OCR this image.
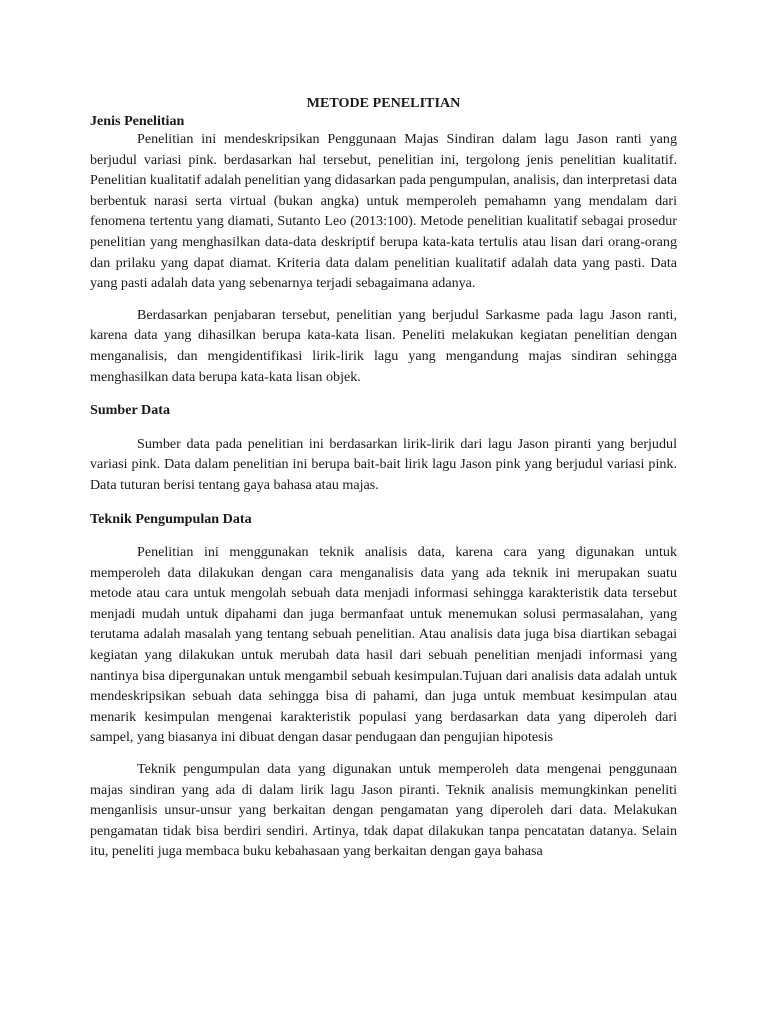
METODE PENELITIAN

Jenis Penelitian

Penelitian ini mendeskripsikan Penggunaan Majas Sindiran dalam lagu Jason ranti yang berjudul variasi pink. berdasarkan hal tersebut, penelitian ini, tergolong jenis penelitian kualitatif. Penelitian kualitatif adalah penelitian yang didasarkan pada pengumpulan, analisis, dan interpretasi data berbentuk narasi serta virtual (bukan angka) untuk memperoleh pemahamn yang mendalam dari fenomena tertentu yang diamati, Sutanto Leo (2013:100). Metode penelitian kualitatif sebagai prosedur penelitian yang menghasilkan data-data deskriptif berupa kata-kata tertulis atau lisan dari orang-orang dan prilaku yang dapat diamat. Kriteria data dalam penelitian kualitatif adalah data yang pasti. Data yang pasti adalah data yang sebenarnya terjadi sebagaimana adanya.

Berdasarkan penjabaran tersebut, penelitian yang berjudul Sarkasme pada lagu Jason ranti, karena data yang dihasilkan berupa kata-kata lisan. Peneliti melakukan kegiatan penelitian dengan menganalisis, dan mengidentifikasi lirik-lirik lagu yang mengandung majas sindiran sehingga menghasilkan data berupa kata-kata lisan objek.

Sumber Data

Sumber data pada penelitian ini berdasarkan lirik-lirik dari lagu Jason piranti yang berjudul variasi pink. Data dalam penelitian ini berupa bait-bait lirik lagu Jason pink yang berjudul variasi pink. Data tuturan berisi tentang gaya bahasa atau majas.

Teknik Pengumpulan Data

Penelitian ini menggunakan teknik analisis data, karena cara yang digunakan untuk memperoleh data dilakukan dengan cara menganalisis data yang ada teknik ini merupakan suatu metode atau cara untuk mengolah sebuah data menjadi informasi sehingga karakteristik data tersebut menjadi mudah untuk dipahami dan juga bermanfaat untuk menemukan solusi permasalahan, yang terutama adalah masalah yang tentang sebuah penelitian. Atau analisis data juga bisa diartikan sebagai kegiatan yang dilakukan untuk merubah data hasil dari sebuah penelitian menjadi informasi yang nantinya bisa dipergunakan untuk mengambil sebuah kesimpulan.Tujuan dari analisis data adalah untuk mendeskripsikan sebuah data sehingga bisa di pahami, dan juga untuk membuat kesimpulan atau menarik kesimpulan mengenai karakteristik populasi yang berdasarkan data yang diperoleh dari sampel, yang biasanya ini dibuat dengan dasar pendugaan dan pengujian hipotesis

Teknik pengumpulan data yang digunakan untuk memperoleh data mengenai penggunaan majas sindiran yang ada di dalam lirik lagu Jason piranti. Teknik analisis memungkinkan peneliti menganlisis unsur-unsur yang berkaitan dengan pengamatan yang diperoleh dari data. Melakukan pengamatan tidak bisa berdiri sendiri. Artinya, tdak dapat dilakukan tanpa pencatatan datanya. Selain itu, peneliti juga membaca buku kebahasaan yang berkaitan dengan gaya bahasa
